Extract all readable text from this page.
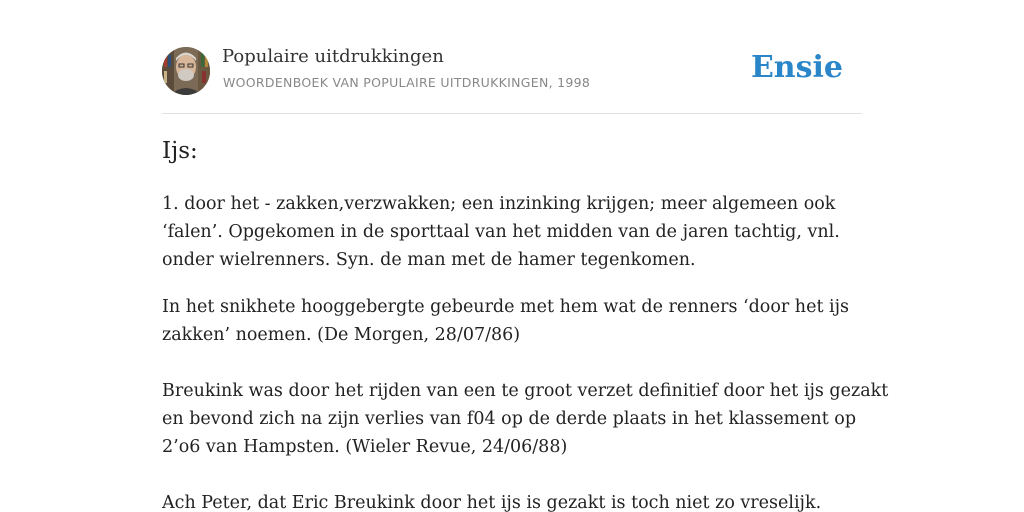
Populaire uitdrukkingen
WOORDENBOEK VAN POPULAIRE UITDRUKKINGEN, 1998	Ensie
Ijs:

1. door het - zakken,verzwakken; een inzinking krijgen; meer algemeen ook

‘falen’. Opgekomen in de sporttaal van het midden van de jaren tachtig, vnl.

onder wielrenners. Syn. de man met de hamer tegenkomen.

In het snikhete hooggebergte gebeurde met hem wat de renners ‘door het ijs

zakken’ noemen. (De Morgen, 28/07/86)

Breukink was door het rijden van een te groot verzet definitief door het ijs gezakt

en bevond zich na zijn verlies van f04 op de derde plaats in het klassement op

2’o6 van Hampsten. (Wieler Revue, 24/06/88)

Ach Peter, dat Eric Breukink door het ijs is gezakt is toch niet zo vreselijk.
